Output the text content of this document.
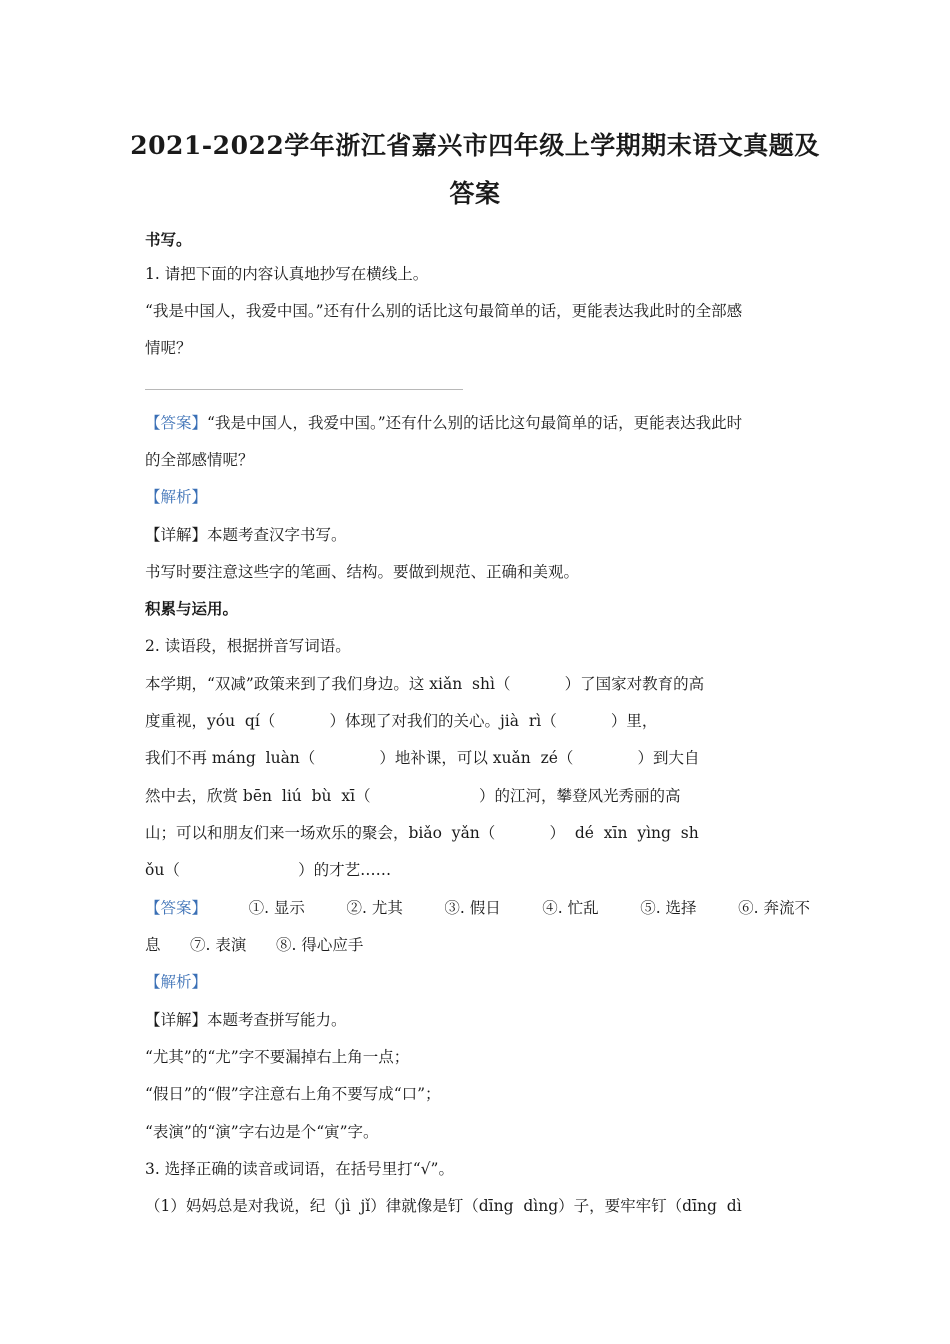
2021-2022学年浙江省嘉兴市四年级上学期期末语文真题及
答案
书写。
1. 请把下面的内容认真地抄写在横线上。
“我是中国人，我爱中国。”还有什么别的话比这句最简单的话，更能表达我此时的全部感
情呢？
【答案】“我是中国人，我爱中国。”还有什么别的话比这句最简单的话，更能表达我此时
的全部感情呢？
【解析】
【详解】本题考查汉字书写。
书写时要注意这些字的笔画、结构。要做到规范、正确和美观。
积累与运用。
2. 读语段，根据拼音写词语。
本学期，“双减”政策来到了我们身边。这 xiǎn  shì（           ）了国家对教育的高
度重视，yóu  qí（           ）体现了对我们的关心。jià  rì（           ）里，
我们不再 máng  luàn（             ）地补课，可以 xuǎn  zé（             ）到大自
然中去，欣赏 bēn  liú  bù  xī（                      ）的江河，攀登风光秀丽的高
山；可以和朋友们来一场欢乐的聚会，biǎo  yǎn（           ）  dé  xīn  yìng  sh
ǒu（                        ）的才艺……
【答案】	①. 显示	②. 尤其	③. 假日	④. 忙乱	⑤. 选择	⑥. 奔流不
息      ⑦. 表演      ⑧. 得心应手
【解析】
【详解】本题考查拼写能力。
“尤其”的“尤”字不要漏掉右上角一点；
“假日”的“假”字注意右上角不要写成“口”；
“表演”的“演”字右边是个“寅”字。
3. 选择正确的读音或词语，在括号里打“√”。
（1）妈妈总是对我说，纪（jì  jǐ）律就像是钉（dīng  dìng）子，要牢牢钉（dīng  dì
